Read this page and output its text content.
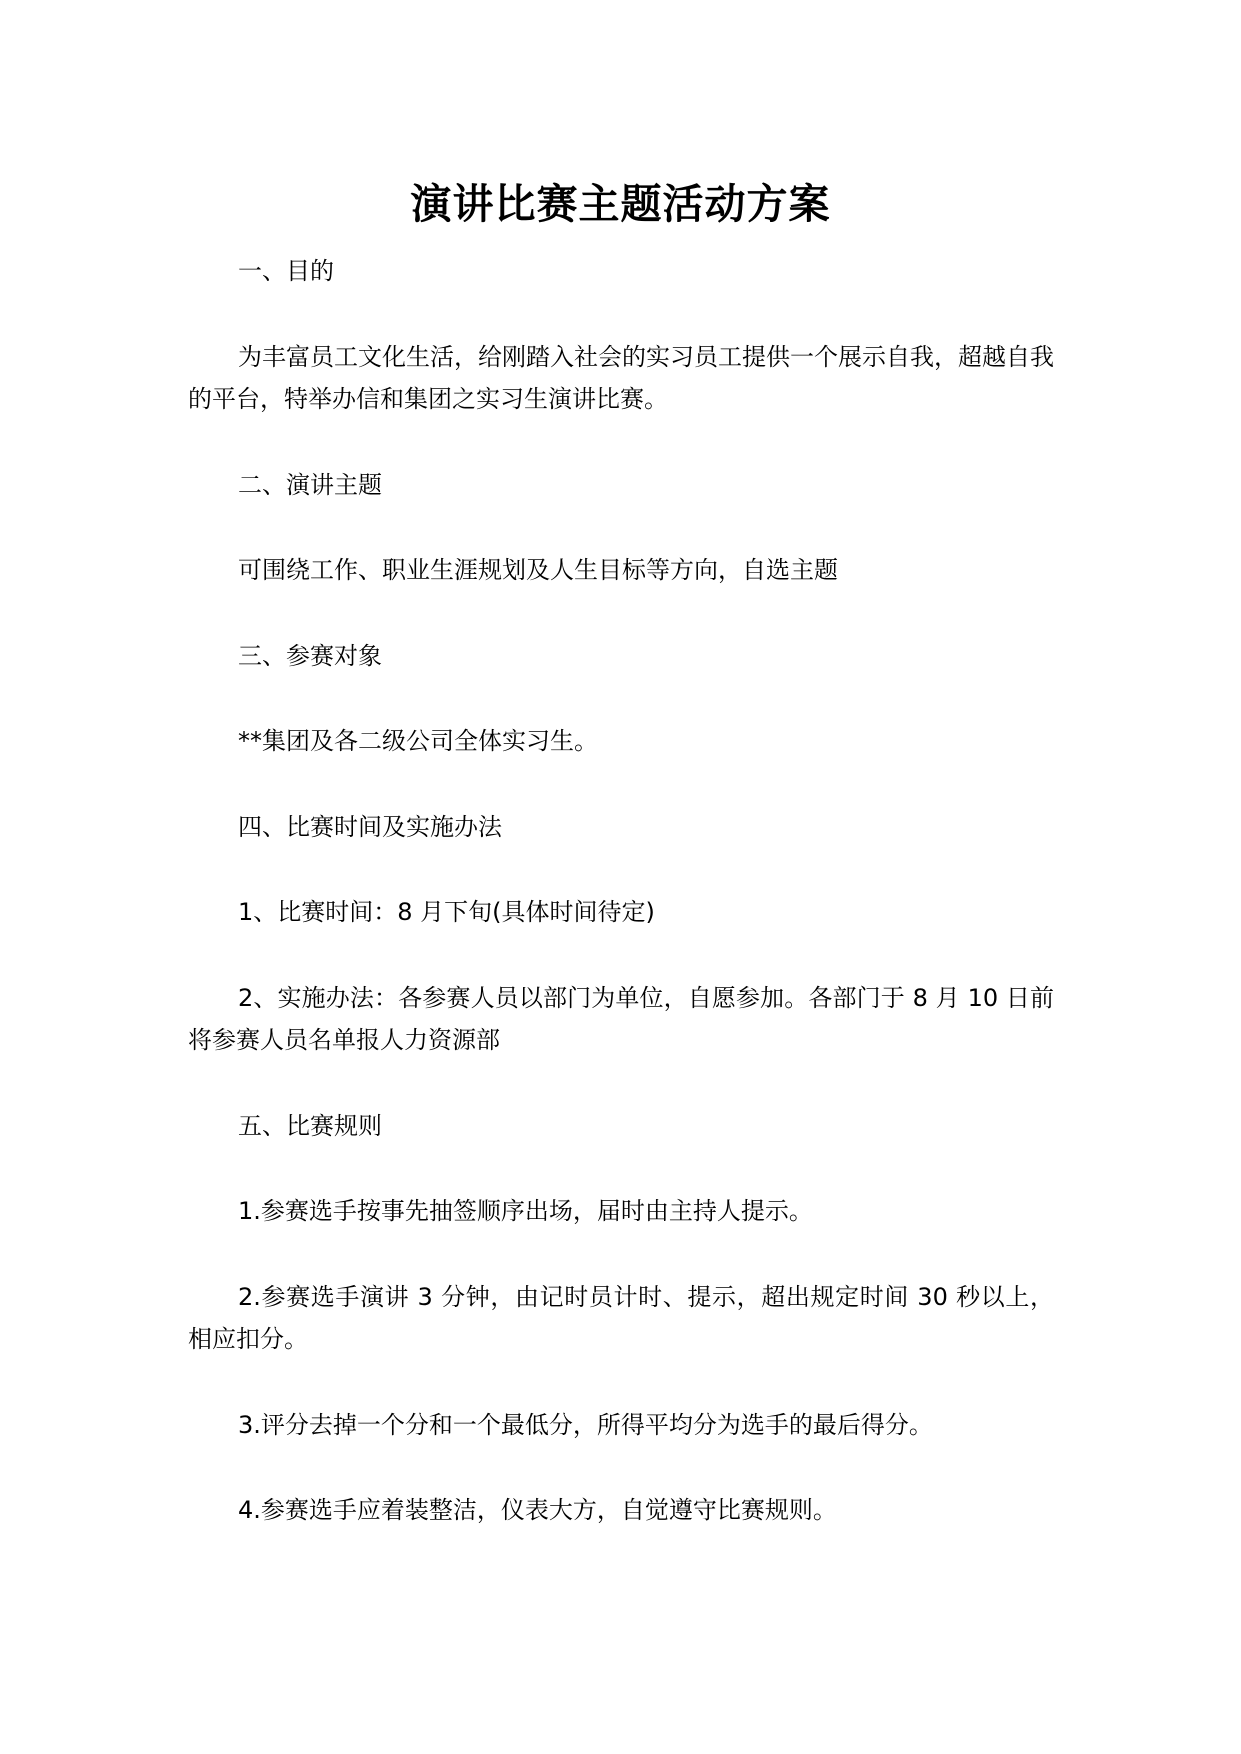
演讲比赛主题活动方案

一、目的

为丰富员工文化生活，给刚踏入社会的实习员工提供一个展示自我，超越自我的平台，特举办信和集团之实习生演讲比赛。

二、演讲主题

可围绕工作、职业生涯规划及人生目标等方向，自选主题

三、参赛对象

**集团及各二级公司全体实习生。

四、比赛时间及实施办法

1、比赛时间：8 月下旬(具体时间待定)

2、实施办法：各参赛人员以部门为单位，自愿参加。各部门于 8 月 10 日前将参赛人员名单报人力资源部

五、比赛规则

1.参赛选手按事先抽签顺序出场，届时由主持人提示。

2.参赛选手演讲 3 分钟，由记时员计时、提示，超出规定时间 30 秒以上，相应扣分。

3.评分去掉一个分和一个最低分，所得平均分为选手的最后得分。

4.参赛选手应着装整洁，仪表大方，自觉遵守比赛规则。
